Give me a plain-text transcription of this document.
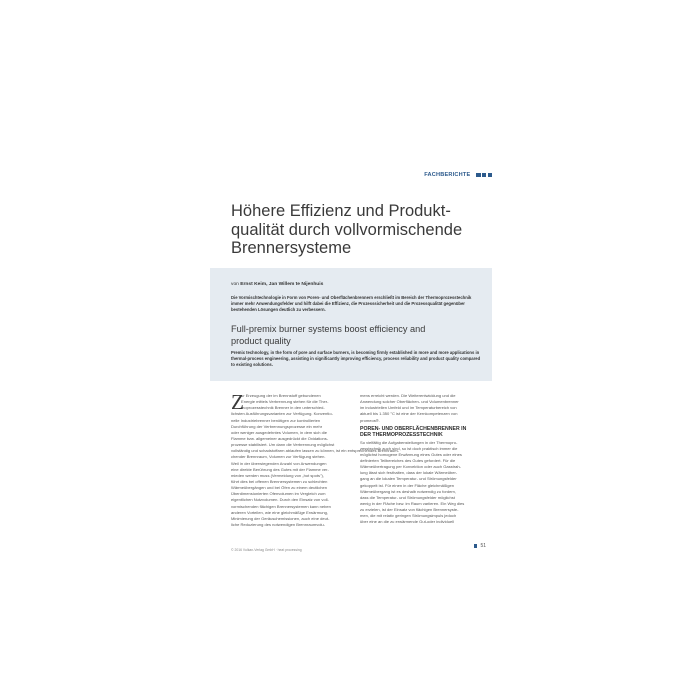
FACHBERICHTE
Höhere Effizienz und Produkt-
qualität durch vollvormischende
Brennersysteme
von Ernst Keim, Jan Willem te Nijenhuis

Die Vormischtechnologie in Form von Poren- und Oberflächenbrennern erschließt im Bereich der Thermoprozesstechnik immer mehr Anwendungsfelder und hilft dabei die Effizienz, die Prozesssicherheit und die Prozessqualität gegenüber bestehenden Lösungen deutlich zu verbessern.

Full-premix burner systems boost efficiency and
product quality

Premix technology, in the form of pore and surface burners, is becoming firmly established in more and more applications in thermal-process engineering, assisting in significantly improving efficiency, process reliability and product quality compared to existing solutions.

Z
ur Erzeugung der im Brennstoff gebundenen
Energie mittels Verbrennung stehen für die Ther-
moprozesstechnik Brenner in den unterschied-
lichsten Ausführungsvarianten zur Verfügung. Konventio-
nelle Industriebrenner benötigen zur kontrollierten
Durchführung der Verbrennungsprozesse ein mehr
oder weniger ausgedehntes Volumen, in dem sich die
Flamme bzw. allgemeiner ausgedrückt die Oxidations-
prozesse stabilisiert. Um dann die Verbrennung möglichst
vollständig und schadstoffarm ablaufen lassen zu können, ist ein entsprechendes Brennraum-
chender Brennraum, Volumen zur Verfügung stehen.
Weil in der überwiegenden Anzahl von Anwendungen
eine direkte Berührung des Gutes mit der Flamme ver-
mieden werden muss (Vermeidung von „hot spots"),
führt dies bei offenen Brennersystemen zu schlechten
Wärmeübergängen und bei Öfen zu einem deutlichen
Überdimensionierten Ofenvolumen im Vergleich zum
eigentlichen Nutzvolumen. Durch den Einsatz von voll-
vormischenden flächigen Brennersystemen kann neben
anderen Vorteilen, wie eine gleichmäßige Erwärmung,
Minimierung der Geräuschemissionen, auch eine deut-
liche Reduzierung des notwendigen Brennraumvolu-
mens erreicht werden. Die Weiterentwicklung und die
Anwendung solcher Oberflächen- und Volumenbrenner
im industriellen Umfeld und im Temperaturbereich von
aktuell bis 1.350 °C ist eine der Kernkompetenzen von
promeos®.
POREN- UND OBERFLÄCHENBRENNER IN
DER THERMOPROZESSTECHNIK
So vielfältig die Aufgabenstellungen in der Thermopro-
zesstechnik auch sind, so ist doch praktisch immer die
möglichst homogene Erwärmung eines Gutes oder eines
definierten Teilbereiches des Gutes gefordert. Für die
Wärmeübertragung per Konvektion oder auch Gasstrah-
lung lässt sich festhalten, dass der lokale Wärmeüber-
gang an die lokalen Temperatur- und Strömungsfelder
gekoppelt ist. Für einen in der Fläche gleichmäßigen
Wärmeübergang ist es deshalb notwendig zu fordern,
dass die Temperatur- und Strömungsfelder möglichst
wenig in der Fläche bzw. im Raum variieren. Ein Weg dies
zu erzielen, ist der Einsatz von flächigen Brennersyste-
men, die mit relativ geringen Strömungsimpuls jedoch
über eine an die zu erwärmende Gut-oder individuell
© 2016 Vulkan-Verlag GmbH · heat processing
51
